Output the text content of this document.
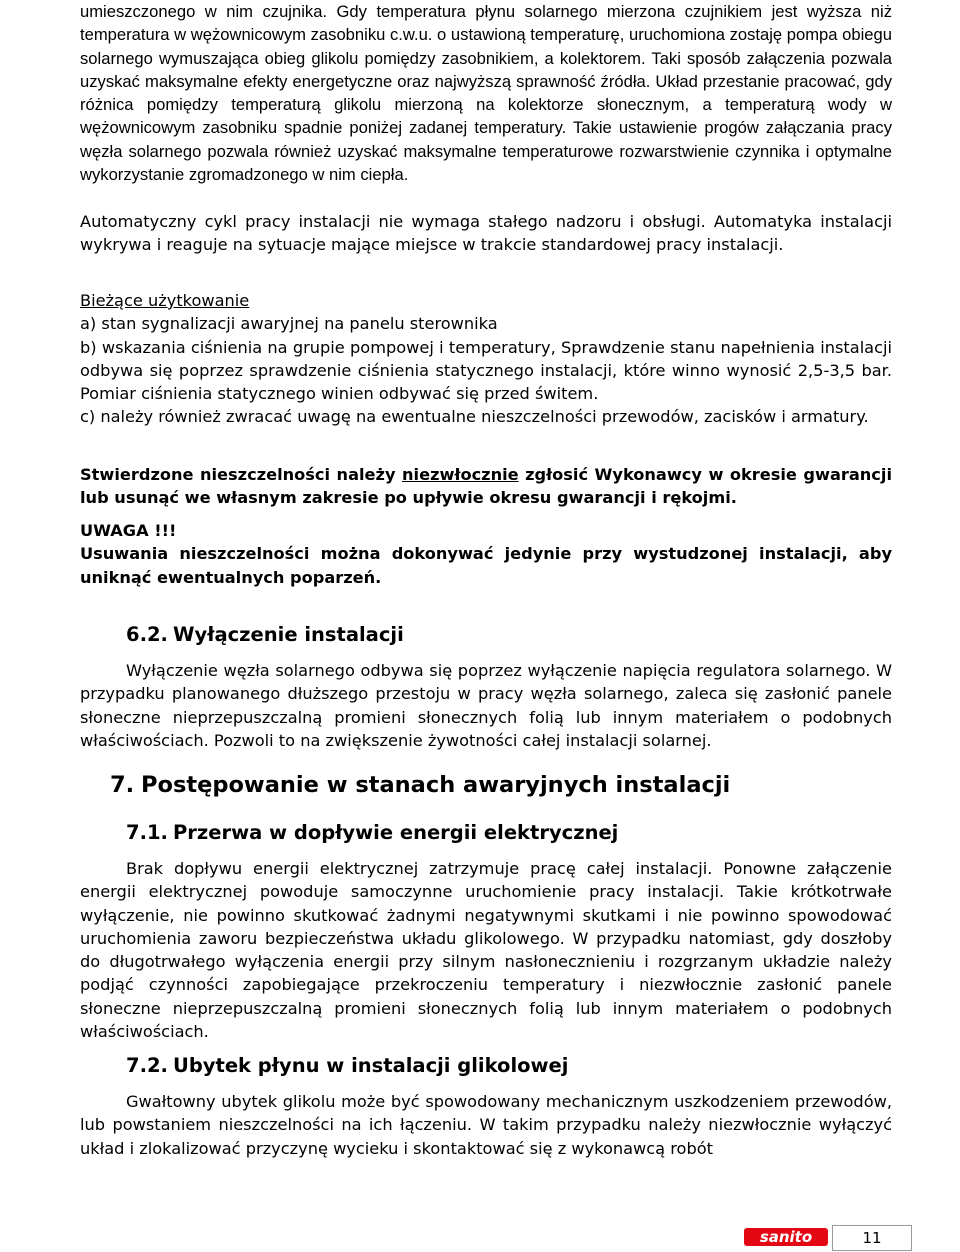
umieszczonego w nim czujnika. Gdy temperatura płynu solarnego mierzona czujnikiem jest wyższa niż temperatura w wężownicowym zasobniku c.w.u. o ustawioną temperaturę, uruchomiona zostaję pompa obiegu solarnego wymuszająca obieg glikolu pomiędzy zasobnikiem, a kolektorem. Taki sposób załączenia pozwala uzyskać maksymalne efekty energetyczne oraz najwyższą sprawność źródła. Układ przestanie pracować, gdy różnica pomiędzy temperaturą glikolu mierzoną na kolektorze słonecznym, a temperaturą wody w wężownicowym zasobniku spadnie poniżej zadanej temperatury. Takie ustawienie progów załączania pracy węzła solarnego pozwala również uzyskać maksymalne temperaturowe rozwarstwienie czynnika i optymalne wykorzystanie zgromadzonego w nim ciepła.

Automatyczny cykl pracy instalacji nie wymaga stałego nadzoru i obsługi. Automatyka instalacji wykrywa i reaguje na sytuacje mające miejsce w trakcie standardowej pracy instalacji.

Bieżące użytkowanie

a) stan sygnalizacji awaryjnej na panelu sterownika

b) wskazania ciśnienia na grupie pompowej i temperatury, Sprawdzenie stanu napełnienia instalacji odbywa się poprzez sprawdzenie ciśnienia statycznego instalacji, które winno wynosić 2,5-3,5 bar. Pomiar ciśnienia statycznego winien odbywać się przed świtem.

c) należy również zwracać uwagę na ewentualne nieszczelności przewodów, zacisków i armatury.

Stwierdzone nieszczelności należy niezwłocznie zgłosić Wykonawcy w okresie gwarancji lub usunąć we własnym zakresie po upływie okresu gwarancji i rękojmi.

UWAGA !!!

Usuwania nieszczelności można dokonywać jedynie przy wystudzonej instalacji, aby uniknąć ewentualnych poparzeń.

6.2. Wyłączenie instalacji

Wyłączenie węzła solarnego odbywa się poprzez wyłączenie napięcia regulatora solarnego. W przypadku planowanego dłuższego przestoju w pracy węzła solarnego, zaleca się zasłonić panele słoneczne nieprzepuszczalną promieni słonecznych folią lub innym materiałem o podobnych właściwościach. Pozwoli to na zwiększenie żywotności całej instalacji solarnej.

7. Postępowanie w stanach awaryjnych instalacji
7.1. Przerwa w dopływie energii elektrycznej

Brak dopływu energii elektrycznej zatrzymuje pracę całej instalacji. Ponowne załączenie energii elektrycznej powoduje samoczynne uruchomienie pracy instalacji. Takie krótkotrwałe wyłączenie, nie powinno skutkować żadnymi negatywnymi skutkami i nie powinno spowodować uruchomienia zaworu bezpieczeństwa układu glikolowego. W przypadku natomiast, gdy doszłoby do długotrwałego wyłączenia energii przy silnym nasłonecznieniu i rozgrzanym układzie należy podjąć czynności zapobiegające przekroczeniu temperatury i niezwłocznie zasłonić panele słoneczne nieprzepuszczalną promieni słonecznych folią lub innym materiałem o podobnych właściwościach.

7.2. Ubytek płynu w instalacji glikolowej

Gwałtowny ubytek glikolu może być spowodowany mechanicznym uszkodzeniem przewodów, lub powstaniem nieszczelności na ich łączeniu. W takim przypadku należy niezwłocznie wyłączyć układ i zlokalizować przyczynę wycieku i skontaktować się z wykonawcą robót

sanito	11
